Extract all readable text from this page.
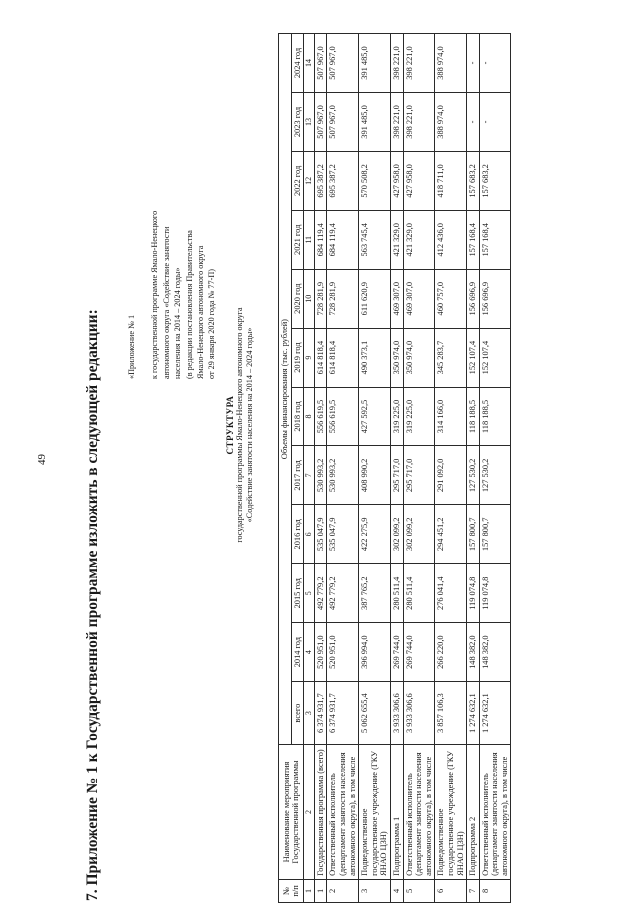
49 7. Приложение № 1 к Государственной программе изложить в следующей редакции:	«Приложение № 1 к государственной программе Ямало-Ненецкого автономного округа «Содействие занятости населения на 2014 – 2024 годы» (в редакции постановления Правительства Ямало-Ненецкого автономного округа от 29 января 2020 года № 77-П)
СТРУКТУРА государственной программы Ямало-Ненецкого автономного округа «Содействие занятости населения на 2014 – 2024 годы»
№ п/п	Наименование мероприятия Государственной программы	Объемы финансирования (тыс. рублей)											
		всего	2014 год	2015 год	2016 год	2017 год	2018 год	2019 год	2020 год	2021 год	2022 год	2023 год	2024 год
1	2	3	4	5	6	7	8	9	10	11	12	13	14
1	Государственная программа (всего)	6 374 931,7	520 951,0	492 779,2	535 047,9	530 993,2	556 619,5	614 818,4	728 281,9	684 119,4	695 387,2	507 967,0	507 967,0
2	Ответственный исполнитель (департамент занятости населения автономного округа), в том числе	6 374 931,7	520 951,0	492 779,2	535 047,9	530 993,2	556 619,5	614 818,4	728 281,9	684 119,4	695 387,2	507 967,0	507 967,0
3	Подведомственное государственное учреждение (ГКУ ЯНАО ЦЗН)	5 062 655,4	396 994,0	387 765,2	422 275,9	408 990,2	427 592,5	490 373,1	611 620,9	563 745,4	570 508,2	391 485,0	391 485,0
4	Подпрограмма 1	3 933 306,6	269 744,0	280 511,4	302 099,2	295 717,0	319 225,0	350 974,0	469 307,0	421 329,0	427 958,0	398 221,0	398 221,0
5	Ответственный исполнитель (департамент занятости населения автономного округа), в том числе	3 933 306,6	269 744,0	280 511,4	302 099,2	295 717,0	319 225,0	350 974,0	469 307,0	421 329,0	427 958,0	398 221,0	398 221,0
6	Подведомственное государственное учреждение (ГКУ ЯНАО ЦЗН)	3 857 106,3	266 220,0	276 041,4	294 451,2	291 092,0	314 166,0	345 283,7	460 757,0	412 436,0	418 711,0	388 974,0	388 974,0
7	Подпрограмма 2	1 274 632,1	148 382,0	119 074,8	157 800,7	127 530,2	118 188,5	152 107,4	156 696,9	157 168,4	157 683,2	-	-
8	Ответственный исполнитель (департамент занятости населения автономного округа), в том числе	1 274 632,1	148 382,0	119 074,8	157 800,7	127 530,2	118 188,5	152 107,4	156 696,9	157 168,4	157 683,2	-	-
